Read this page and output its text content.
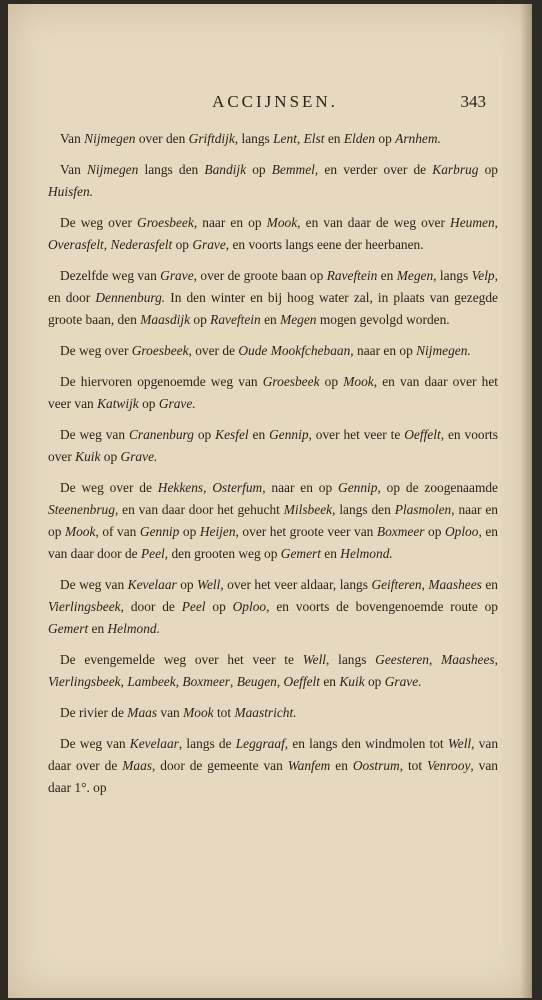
ACCIJNSEN.	343

Van Nijmegen over den Griftdijk, langs Lent, Elst en Elden op Arnhem.

Van Nijmegen langs den Bandijk op Bemmel, en verder over de Karbrug op Huisfen.

De weg over Groesbeek, naar en op Mook, en van daar de weg over Heumen, Overasfelt, Nederasfelt op Grave, en voorts langs eene der heerbanen.

Dezelfde weg van Grave, over de groote baan op Raveftein en Megen, langs Velp, en door Dennenburg. In den winter en bij hoog water zal, in plaats van gezegde groote baan, den Maasdijk op Raveftein en Megen mogen gevolgd worden.

De weg over Groesbeek, over de Oude Mookfchebaan, naar en op Nijmegen.

De hiervoren opgenoemde weg van Groesbeek op Mook, en van daar over het veer van Katwijk op Grave.

De weg van Cranenburg op Kesfel en Gennip, over het veer te Oeffelt, en voorts over Kuik op Grave.

De weg over de Hekkens, Osterfum, naar en op Gennip, op de zoogenaamde Steenenbrug, en van daar door het gehucht Milsbeek, langs den Plasmolen, naar en op Mook, of van Gennip op Heijen, over het groote veer van Boxmeer op Oploo, en van daar door de Peel, den grooten weg op Gemert en Helmond.

De weg van Kevelaar op Well, over het veer aldaar, langs Geifteren, Maashees en Vierlingsbeek, door de Peel op Oploo, en voorts de bovengenoemde route op Gemert en Helmond.

De evengemelde weg over het veer te Well, langs Geesteren, Maashees, Vierlingsbeek, Lambeek, Boxmeer, Beugen, Oeffelt en Kuik op Grave.

De rivier de Maas van Mook tot Maastricht.

De weg van Kevelaar, langs de Leggraaf, en langs den windmolen tot Well, van daar over de Maas, door de gemeente van Wanfem en Oostrum, tot Venrooy, van daar 1°. op
